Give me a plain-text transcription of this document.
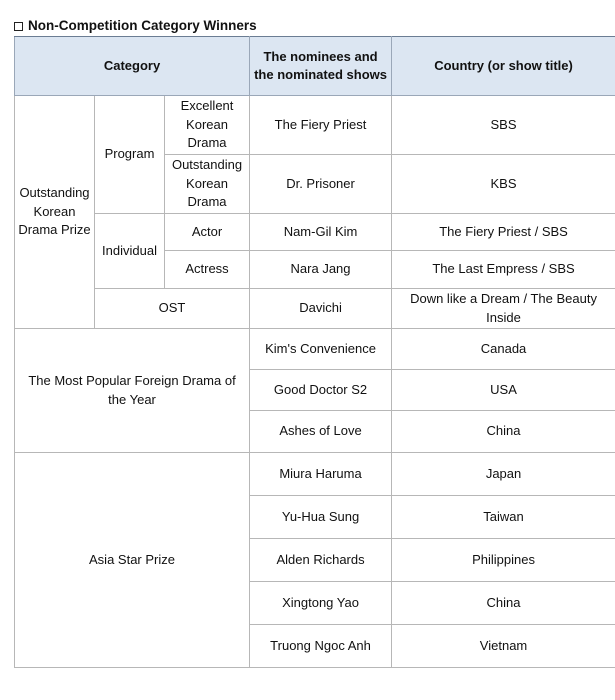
Non-Competition Category Winners
Category			The nominees and the nominated shows	Country (or show title)
Outstanding Korean Drama Prize	Program	Excellent Korean Drama	The Fiery Priest	SBS
		Outstanding Korean Drama	Dr. Prisoner	KBS
	Individual	Actor	Nam-Gil Kim	The Fiery Priest / SBS
		Actress	Nara Jang	The Last Empress / SBS
	OST		Davichi	Down like a Dream / The Beauty Inside
The Most Popular Foreign Drama of the Year			Kim's Convenience	Canada
			Good Doctor S2	USA
			Ashes of Love	China
Asia Star Prize			Miura Haruma	Japan
			Yu-Hua Sung	Taiwan
			Alden Richards	Philippines
			Xingtong Yao	China
			Truong Ngoc Anh	Vietnam
